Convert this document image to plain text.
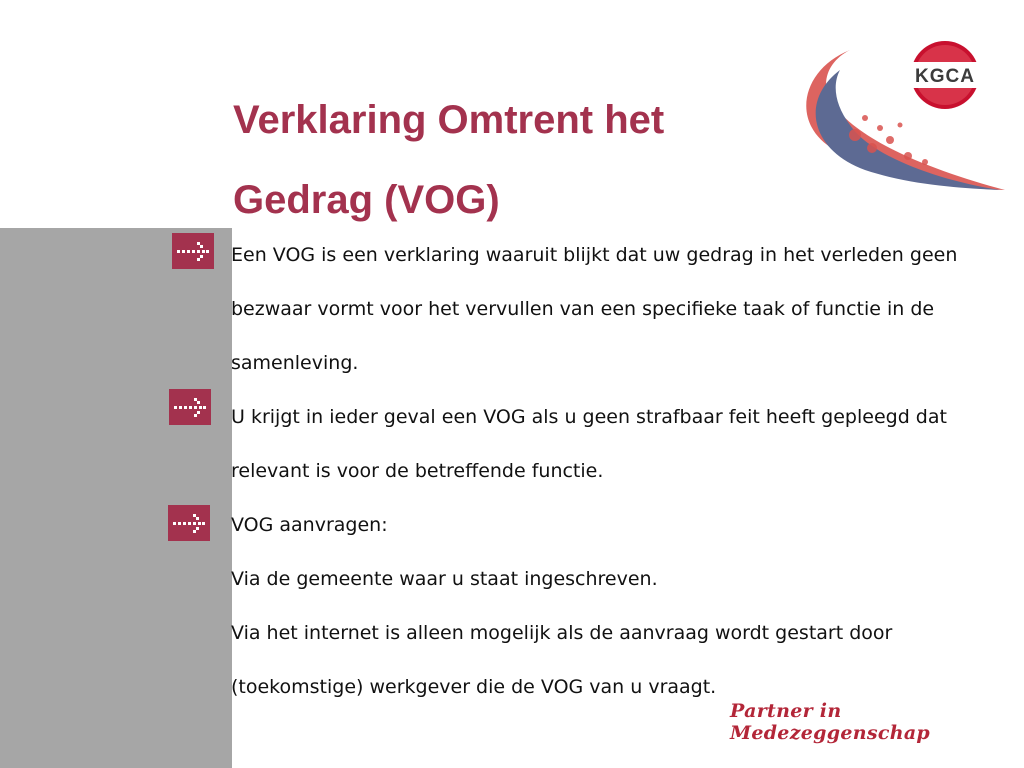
KGCA
Verklaring Omtrent het
Gedrag (VOG)

Een VOG is een verklaring waaruit blijkt dat uw gedrag in het verleden geen bezwaar vormt voor het vervullen van een specifieke taak of functie in de samenleving.

U krijgt in ieder geval een VOG als u geen strafbaar feit heeft gepleegd dat relevant is voor de betreffende functie.

VOG aanvragen:

Via de gemeente waar u staat ingeschreven.

Via het internet is alleen mogelijk als de aanvraag wordt gestart door (toekomstige) werkgever die de VOG van u vraagt.

Partner in Medezeggenschap
